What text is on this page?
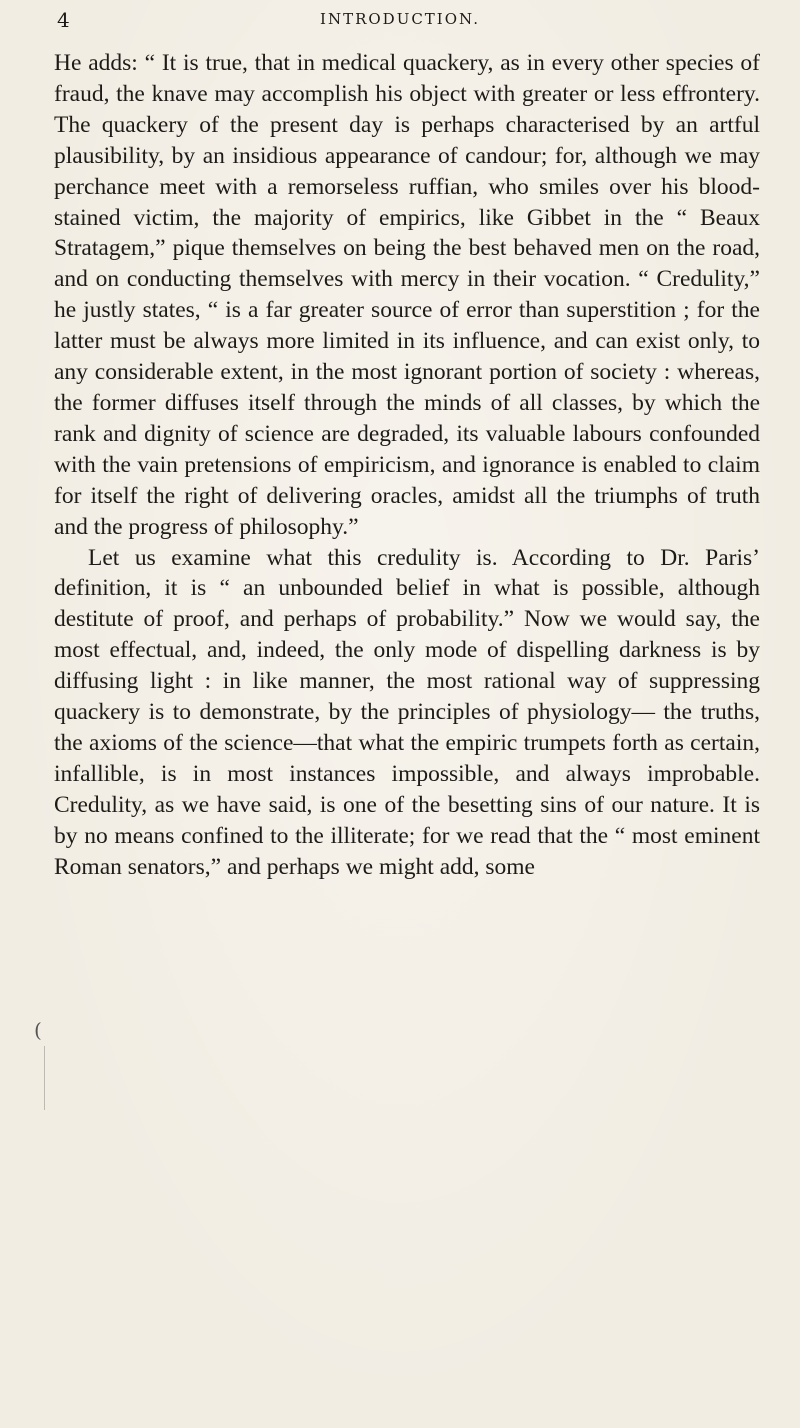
4	INTRODUCTION.
(

He adds: “ It is true, that in medical quackery, as in every other species of fraud, the knave may accomplish his object with greater or less effrontery. The quackery of the present day is perhaps characterised by an artful plausibility, by an insidious appearance of candour; for, although we may perchance meet with a remorseless ruffian, who smiles over his blood-stained victim, the majority of empirics, like Gibbet in the “ Beaux Stratagem,” pique themselves on being the best behaved men on the road, and on conducting themselves with mercy in their vocation. “ Credulity,” he justly states, “ is a far greater source of error than superstition ; for the latter must be always more limited in its influence, and can exist only, to any considerable extent, in the most ignorant portion of society : whereas, the former diffuses itself through the minds of all classes, by which the rank and dignity of science are degraded, its valuable labours confounded with the vain pretensions of empiricism, and ignorance is enabled to claim for itself the right of delivering oracles, amidst all the triumphs of truth and the progress of philosophy.”

Let us examine what this credulity is. According to Dr. Paris’ definition, it is “ an unbounded belief in what is possible, although destitute of proof, and perhaps of probability.” Now we would say, the most effectual, and, indeed, the only mode of dispelling darkness is by diffusing light : in like manner, the most rational way of suppressing quackery is to demonstrate, by the principles of physiology— the truths, the axioms of the science—that what the empiric trumpets forth as certain, infallible, is in most instances impossible, and always improbable. Credulity, as we have said, is one of the besetting sins of our nature. It is by no means confined to the illiterate; for we read that the “ most eminent Roman senators,” and perhaps we might add, some
